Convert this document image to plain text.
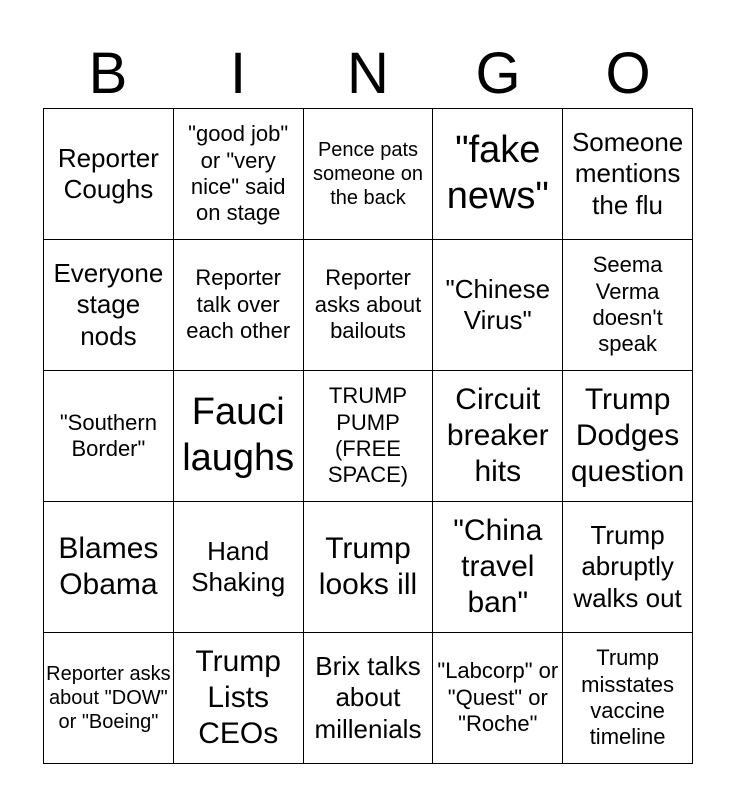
B	I	N	G	O
Reporter Coughs	"good job" or "very nice" said on stage	Pence pats someone on the back	"fake news"	Someone mentions the flu
Everyone stage nods	Reporter talk over each other	Reporter asks about bailouts	"Chinese Virus"	Seema Verma doesn't speak
"Southern Border"	Fauci laughs	TRUMP PUMP (FREE SPACE)	Circuit breaker hits	Trump Dodges question
Blames Obama	Hand Shaking	Trump looks ill	"China travel ban"	Trump abruptly walks out
Reporter asks about "DOW" or "Boeing"	Trump Lists CEOs	Brix talks about millenials	"Labcorp" or "Quest" or "Roche"	Trump misstates vaccine timeline
